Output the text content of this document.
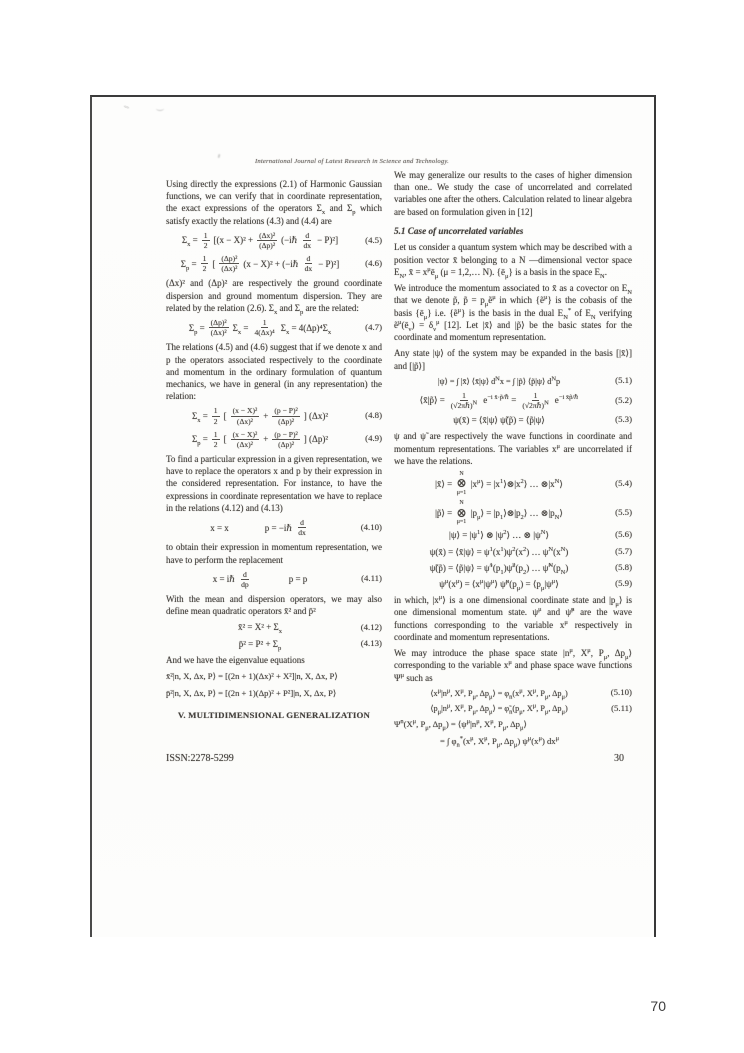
International Journal of Latest Research in Science and Technology.

Using directly the expressions (2.1) of Harmonic Gaussian functions, we can verify that in coordinate representation, the exact expressions of the operators $\Sigma_x$ and $\Sigma_p$ which satisfy exactly the relations (4.3) and (4.4) are

$\Sigma_x = \frac{1}{2} [(x - X)^2 + \frac{\text{(Δx)²}}{\text{(Δp)²}}$ (−iℏ $\frac{d}{dx} - P)^2$]	(4.5)
$\Sigma_p = \frac{1}{2}$ [ $\frac{\text{(Δp)²}}{\text{(Δx)²}} (x - X)^2$ + (−iℏ $\frac{d}{dx} - P)^2$]	(4.6)

(Δx)² and (Δp)² are respectively the ground coordinate dispersion and ground momentum dispersion. They are related by the relation (2.6). $\Sigma_x$ and $\Sigma_p$ are the related:

$\Sigma_p = \frac{\text{(Δp)²}}{\text{(Δx)²}} \Sigma_x = \frac{1}{\text{4(Δx)⁴}} \Sigma_x = 4(\Delta p)^4\Sigma_x$
(4.7)

The relations (4.5) and (4.6) suggest that if we denote x and p the operators associated respectively to the coordinate and momentum in the ordinary formulation of quantum mechanics, we have in general (in any representation) the relation:

$\Sigma_x = \frac{1}{2}$ [ $\frac{\text{(x − X)²}}{\text{(Δx)²}} + \frac{\text{(p − P)²}}{\text{(Δp)²}}$ ] (Δx)²	(4.8)
$\Sigma_p = \frac{1}{2}$ [ $\frac{\text{(x − X)²}}{\text{(Δx)²}} + \frac{\text{(p − P)²}}{\text{(Δp)²}}$ ] (Δp)²	(4.9)

To find a particular expression in a given representation, we have to replace the operators x and p by their expression in the considered representation. For instance, to have the expressions in coordinate representation we have to replace in the relations (4.12) and (4.13)

x = x	p = −iℏ $\frac{d}{dx}$	(4.10)

to obtain their expression in momentum representation, we have to perform the replacement

x = iℏ $\frac{d}{dp}$	p = p	(4.11)

With the mean and dispersion operators, we may also define mean quadratic operators x̄² and p̄²

x̄² = $X^2 + \Sigma_x$
(4.12)
p̄² = $P^2 + \Sigma_p$
(4.13)

And we have the eigenvalue equations

x̄²|n, X, Δx, P⟩ = [(2n + 1)(Δx)² + X²]|n, X, Δx, P⟩
p̄²|n, X, Δx, P⟩ = [(2n + 1)(Δp)² + P²]|n, X, Δx, P⟩
V. MULTIDIMENSIONAL GENERALIZATION

We may generalize our results to the cases of higher dimension than one.. We study the case of uncorrelated and correlated variables one after the others. Calculation related to linear algebra are based on formulation given in [12]

5.1 Case of uncorrelated variables

Let us consider a quantum system which may be described with a position vector x̄ belonging to a N —dimensional vector space $E_N$, x̄ = $x^\mu ē_\mu$ (μ = 1,2,… N). $\{ē_\mu\}$ is a basis in the space $E_N$.

We introduce the momentum associated to x̄ as a covector on $E_N$ that we denote p̃, p̃ = $p_\mu ẽ^\mu$ in which {ẽ$^\mu$} is the cobasis of the basis $\{ē_\mu\}$ i.e. {ẽ$^\mu$} is the basis in the dual $E_N^*$ of $E_N$ verifying $ẽ^\mu(ē_\nu) = \delta_\nu^\mu$ [12]. Let |x̄⟩ and |p̃⟩ be the basic states for the coordinate and momentum representation.

Any state |ψ⟩ of the system may be expanded in the basis [|x̄⟩] and [|p̃⟩]

|ψ⟩ = ∫ |x̄⟩ ⟨x̄|ψ⟩ $d^Nx$ = ∫ |p̃⟩ ⟨p̃|ψ⟩ $d^Np$	(5.1)
⟨x̄|p̃⟩ = $\frac{1}{(√2\pi\hbar)^N} e^{-i x̄\cdot p̃/\hbar} = \frac{1}{(√2\pi\hbar)^N} e^{-i x̄p̃/\hbar}$	(5.2)
ψ(x̄) = ⟨x̄|ψ⟩ ψ̃(p̃) = ⟨p̃|ψ⟩	(5.3)

ψ and ψ̃ are respectively the wave functions in coordinate and momentum representations. The variables $x^\mu$ are uncorrelated if we have the relations.

|x̄⟩ =
N
⊗
μ=1
$|x^\mu⟩$ = $|x^1⟩\otimes|x^2⟩$ … $\otimes|x^N⟩$	(5.4)
|p̃⟩ =
N
⊗
μ=1
$|p_\mu⟩$ = $|p_1⟩\otimes|p_2⟩$ … $\otimes|p_N⟩$	(5.5)
|ψ⟩ = $|\psi^1⟩$ ⊗ $|\psi^2⟩$ … ⊗ $|\psi^N⟩$	(5.6)
ψ(x̄) = ⟨x̄|ψ⟩ = $\psi^1(x^1)\psi^2(x^2)$ … $\psi^N(x^N)$	(5.7)
ψ̃(p̃) = ⟨p̃|ψ⟩ = $\psĩ^1(p_1)\psĩ^2(p_2)$ … $\psĩ^N(p_N)$	(5.8)
$\psi^\mu(x^\mu)$ = $⟨x^\mu|\psi^\mu⟩$ $\psĩ^\mu(p_\mu)$ = $⟨p_\mu|\psi^\mu⟩$	(5.9)

in which, $|x^\mu⟩$ is a one dimensional coordinate state and $|p_\mu⟩$ is one dimensional momentum state. $\psi^\mu$ and ψ̃$^\mu$ are the wave functions corresponding to the variable $x^\mu$ respectively in coordinate and momentum representations.

We may introduce the phase space state $|n^\mu$, $X^\mu$, $P_\mu$, $\Delta p_\mu⟩$ corresponding to the variable $x^\mu$ and phase space wave functions $\Psi^\mu$ such as

$⟨x^\mu|n^\mu$, $X^\mu$, $P_\mu$, $\Delta p_\mu⟩ = \varphi_n(x^\mu$, $X^\mu$, $P_\mu$, $\Delta p_\mu$)	(5.10)
$⟨p_\mu|n^\mu$, $X^\mu$, $P_\mu$, $\Delta p_\mu⟩$ = $\varphĩ_n(p_\mu$, $X^\mu$, $P_\mu$, $\Delta p_\mu$)	(5.11)
$\Psi^n(X^\mu$, $P_\mu$, $\Delta p_\mu$) = $⟨\psi^\mu|n^\mu$, $X^\mu$, $P_\mu$, $\Delta p_\mu⟩$
= ∫ $\varphi_n^*(x^\mu$, $X^\mu$, $P_\mu$, $\Delta p_\mu$) $\psi^\mu(x^\mu)$ $dx^\mu$
ISSN:2278-5299	30
70
